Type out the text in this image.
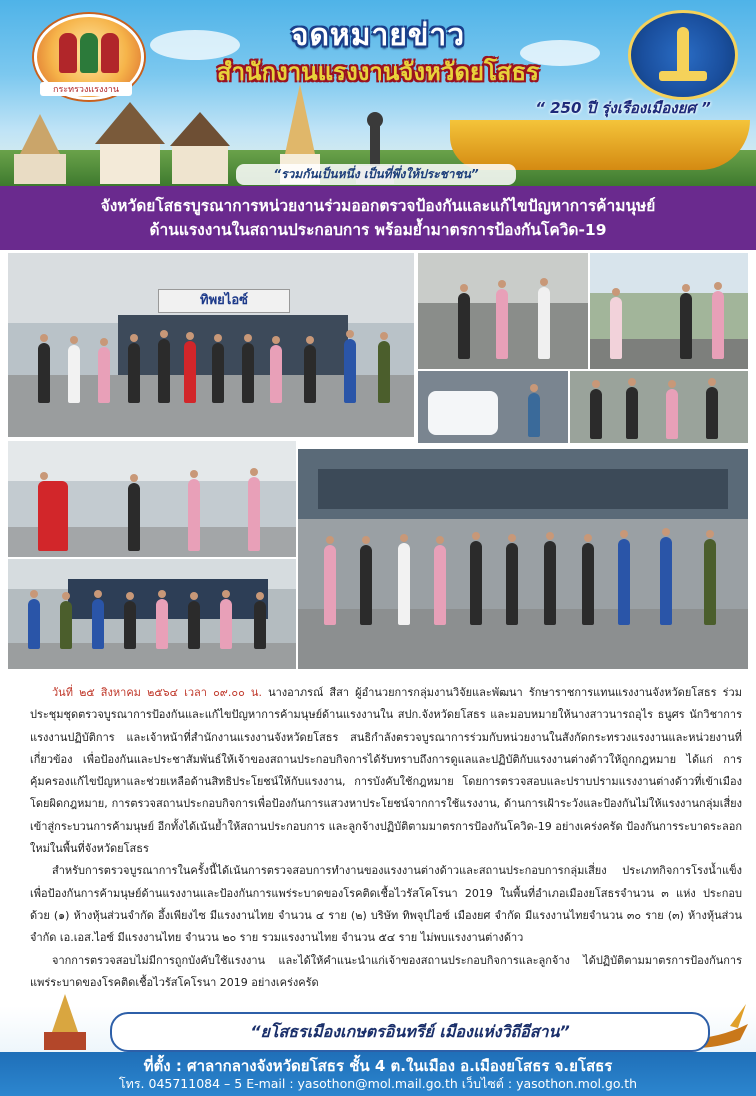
กระทรวงแรงงาน
จดหมายข่าว
สำนักงานแรงงานจังหวัดยโสธร
“ 250 ปี รุ่งเรืองเมืองยศ ”
“รวมกันเป็นหนึ่ง เป็นที่พึ่งให้ประชาชน”
จังหวัดยโสธรบูรณาการหน่วยงานร่วมออกตรวจป้องกันและแก้ไขปัญหาการค้ามนุษย์
ด้านแรงงานในสถานประกอบการ พร้อมย้ำมาตรการป้องกันโควิด-19
ทิพยไอซ์

วันที่ ๒๕ สิงหาคม ๒๕๖๔ เวลา ๐๙.๐๐ น. นางอาภรณ์ สีสา ผู้อำนวยการกลุ่มงานวิจัยและพัฒนา รักษาราชการแทนแรงงานจังหวัดยโสธร ร่วมประชุมชุดตรวจบูรณาการป้องกันและแก้ไขปัญหาการค้ามนุษย์ด้านแรงงานใน สปก.จังหวัดยโสธร และมอบหมายให้นางสาวนารถอุไร ธนูศร นักวิชาการแรงงานปฏิบัติการ และเจ้าหน้าที่สำนักงานแรงงานจังหวัดยโสธร สนธิกำลังตรวจบูรณาการร่วมกับหน่วยงานในสังกัดกระทรวงแรงงานและหน่วยงานที่เกี่ยวข้อง เพื่อป้องกันและประชาสัมพันธ์ให้เจ้าของสถานประกอบกิจการได้รับทราบถึงการดูแลและปฏิบัติกับแรงงานต่างด้าวให้ถูกกฎหมาย ได้แก่ การคุ้มครองแก้ไขปัญหาและช่วยเหลือด้านสิทธิประโยชน์ให้กับแรงงาน, การบังคับใช้กฎหมาย โดยการตรวจสอบและปราบปรามแรงงานต่างด้าวที่เข้าเมืองโดยผิดกฎหมาย, การตรวจสถานประกอบกิจการเพื่อป้องกันการแสวงหาประโยชน์จากการใช้แรงงาน, ด้านการเฝ้าระวังและป้องกันไม่ให้แรงงานกลุ่มเสี่ยงเข้าสู่กระบวนการค้ามนุษย์ อีกทั้งได้เน้นย้ำให้สถานประกอบการ และลูกจ้างปฏิบัติตามมาตรการป้องกันโควิด-19 อย่างเคร่งครัด ป้องกันการระบาดระลอกใหม่ในพื้นที่จังหวัดยโสธร

สำหรับการตรวจบูรณาการในครั้งนี้ได้เน้นการตรวจสอบการทำงานของแรงงานต่างด้าวและสถานประกอบการกลุ่มเสี่ยง ประเภทกิจการโรงน้ำแข็ง เพื่อป้องกันการค้ามนุษย์ด้านแรงงานและป้องกันการแพร่ระบาดของโรคติดเชื้อไวรัสโคโรนา 2019 ในพื้นที่อำเภอเมืองยโสธรจำนวน ๓ แห่ง ประกอบด้วย (๑) ห้างหุ้นส่วนจำกัด อึ้งเพียงไซ มีแรงงานไทย จำนวน ๔ ราย (๒) บริษัท ทิพจุปไอซ์ เมืองยศ จำกัด มีแรงงานไทยจำนวน ๓๐ ราย (๓) ห้างหุ้นส่วนจำกัด เอ.เอส.ไอซ์ มีแรงงานไทย จำนวน ๒๐ ราย รวมแรงงานไทย จำนวน ๕๔ ราย ไม่พบแรงงานต่างด้าว

จากการตรวจสอบไม่มีการถูกบังคับใช้แรงงาน และได้ให้คำแนะนำแก่เจ้าของสถานประกอบกิจการและลูกจ้าง ได้ปฏิบัติตามมาตรการป้องกันการแพร่ระบาดของโรคติดเชื้อไวรัสโคโรนา 2019 อย่างเคร่งครัด

“ยโสธรเมืองเกษตรอินทรีย์ เมืองแห่งวิถีอีสาน”
ที่ตั้ง : ศาลากลางจังหวัดยโสธร ชั้น 4 ต.ในเมือง อ.เมืองยโสธร จ.ยโสธร
โทร. 045711084 – 5 E-mail : yasothon@mol.mail.go.th เว็บไซต์ : yasothon.mol.go.th
